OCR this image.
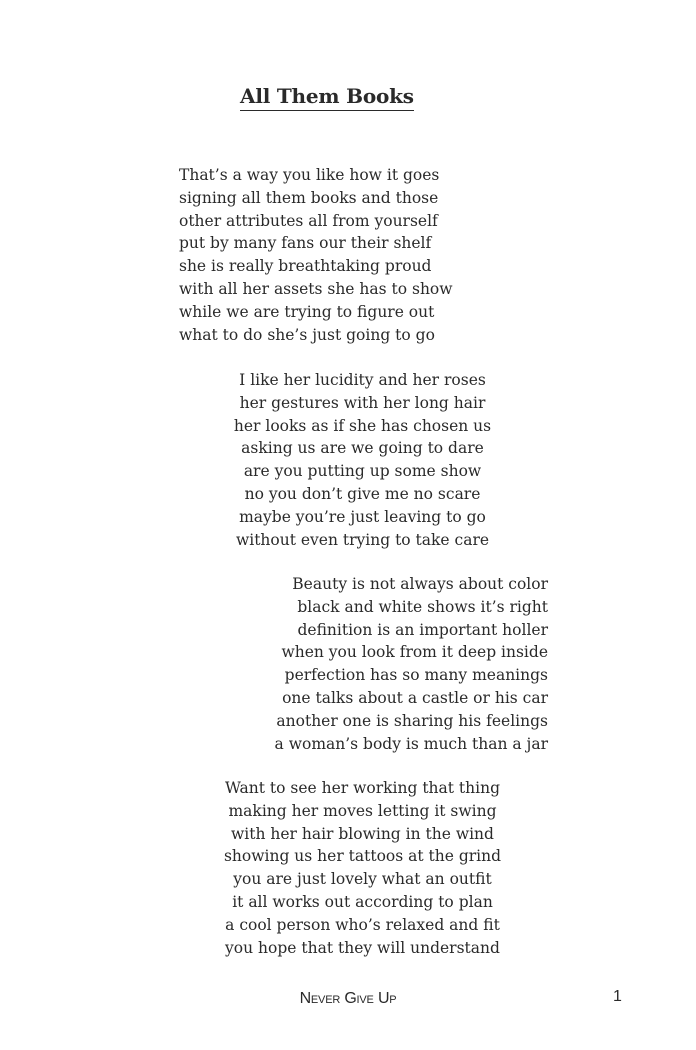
All Them Books
That’s a way you like how it goes
signing all them books and those
other attributes all from yourself
put by many fans our their shelf
she is really breathtaking proud
with all her assets she has to show
while we are trying to figure out
what to do she’s just going to go
I like her lucidity and her roses
her gestures with her long hair
her looks as if she has chosen us
asking us are we going to dare
are you putting up some show
no you don’t give me no scare
maybe you’re just leaving to go
without even trying to take care
Beauty is not always about color
black and white shows it’s right
definition is an important holler
when you look from it deep inside
perfection has so many meanings
one talks about a castle or his car
another one is sharing his feelings
a woman’s body is much than a jar
Want to see her working that thing
making her moves letting it swing
with her hair blowing in the wind
showing us her tattoos at the grind
you are just lovely what an outfit
it all works out according to plan
a cool person who’s relaxed and fit
you hope that they will understand
Never Give Up	1
